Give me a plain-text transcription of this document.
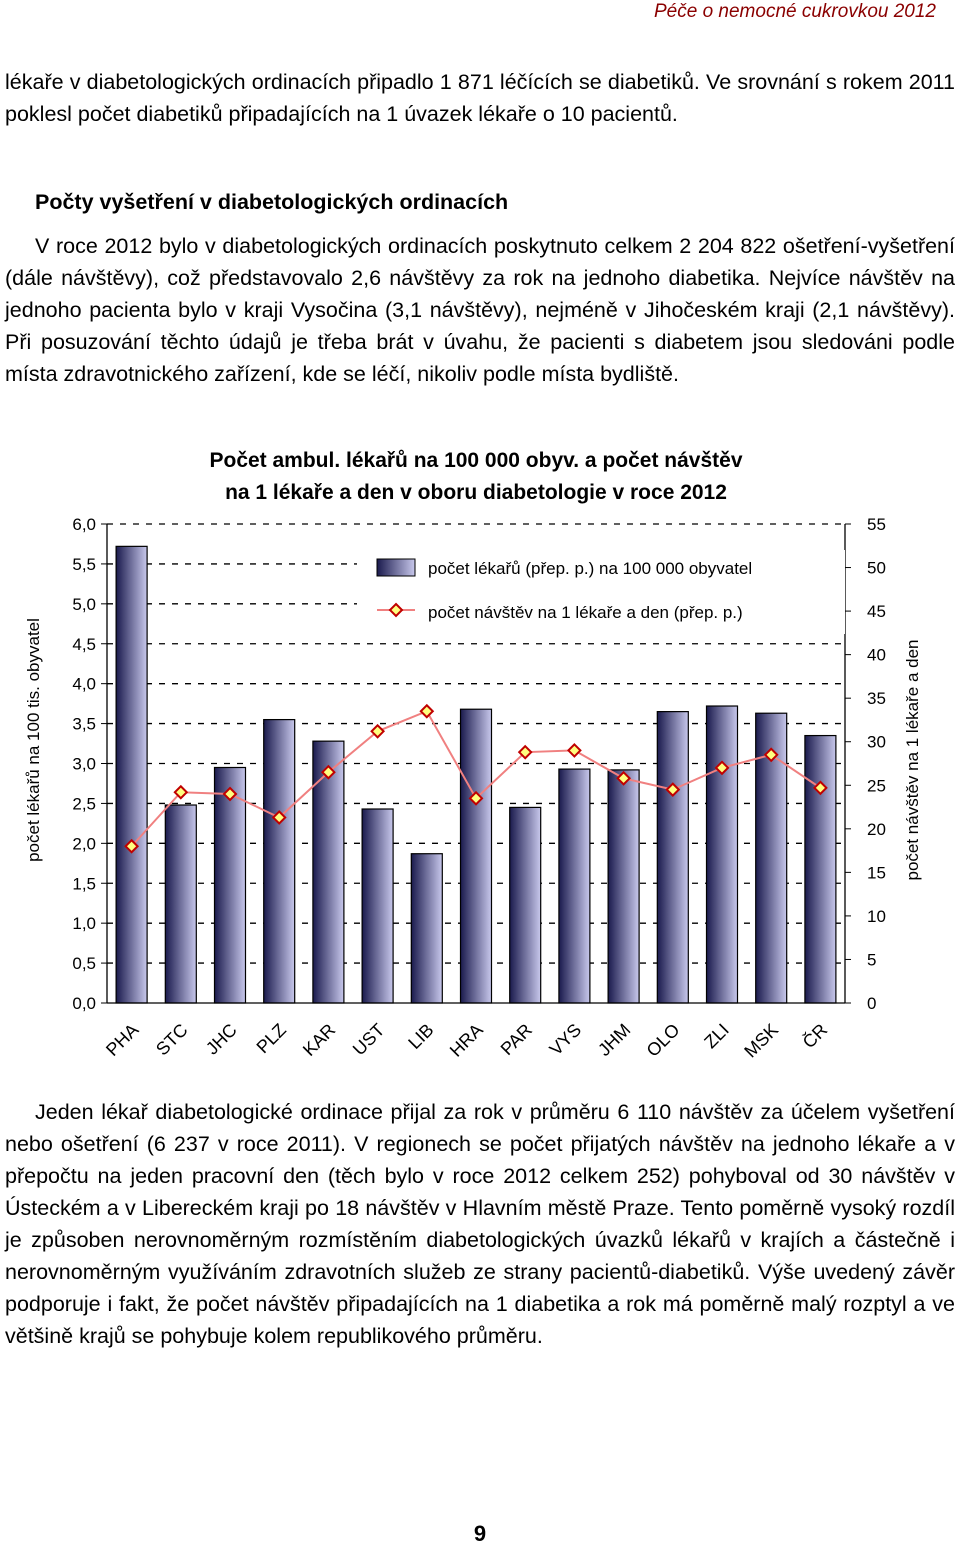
Péče o nemocné cukrovkou 2012

lékaře v diabetologických ordinacích připadlo 1 871 léčících se diabetiků. Ve srovnání s rokem 2011 poklesl počet diabetiků připadajících na 1 úvazek lékaře o 10 pacientů.

Počty vyšetření v diabetologických ordinacích

V roce 2012 bylo v diabetologických ordinacích poskytnuto celkem 2 204 822 ošetření-vyšetření (dále návštěvy), což představovalo 2,6 návštěvy za rok na jednoho diabetika. Nejvíce návštěv na jednoho pacienta bylo v kraji Vysočina (3,1 návštěvy), nejméně v Jihočeském kraji (2,1 návštěvy). Při posuzování těchto údajů je třeba brát v úvahu, že pacienti s diabetem jsou sledováni podle místa zdravotnického zařízení, kde se léčí, nikoliv podle místa bydliště.

Počet ambul. lékařů na 100 000 obyv. a počet návštěv
na 1 lékaře a den v oboru diabetologie v roce 2012
0,0
0,5
1,0
1,5
2,0
2,5
3,0
3,5
4,0
4,5
5,0
5,5
6,0
0
5
10
15
20
25
30
35
40
45
50
55
PHA STC JHC PLZ KAR UST LIB HRA PAR VYS JHM OLO ZLI MSK ČR
počet lékařů (přep. p.) na 100 000 obyvatel
počet návštěv na 1 lékaře a den (přep. p.)
počet lékařů na 100 tis. obyvatel	počet návštěv na 1 lékaře a den

Jeden lékař diabetologické ordinace přijal za rok v průměru 6 110 návštěv za účelem vyšetření nebo ošetření (6 237 v roce 2011). V regionech se počet přijatých návštěv na jednoho lékaře a v přepočtu na jeden pracovní den (těch bylo v roce 2012 celkem 252) pohyboval od 30 návštěv v Ústeckém a v Libereckém kraji po 18 návštěv v Hlavním městě Praze. Tento poměrně vysoký rozdíl je způsoben nerovnoměrným rozmístěním diabetologických úvazků lékařů v krajích a částečně i nerovnoměrným využíváním zdravotních služeb ze strany pacientů-diabetiků. Výše uvedený závěr podporuje i fakt, že počet návštěv připadajících na 1 diabetika a rok má poměrně malý rozptyl a ve většině krajů se pohybuje kolem republikového průměru.

9
